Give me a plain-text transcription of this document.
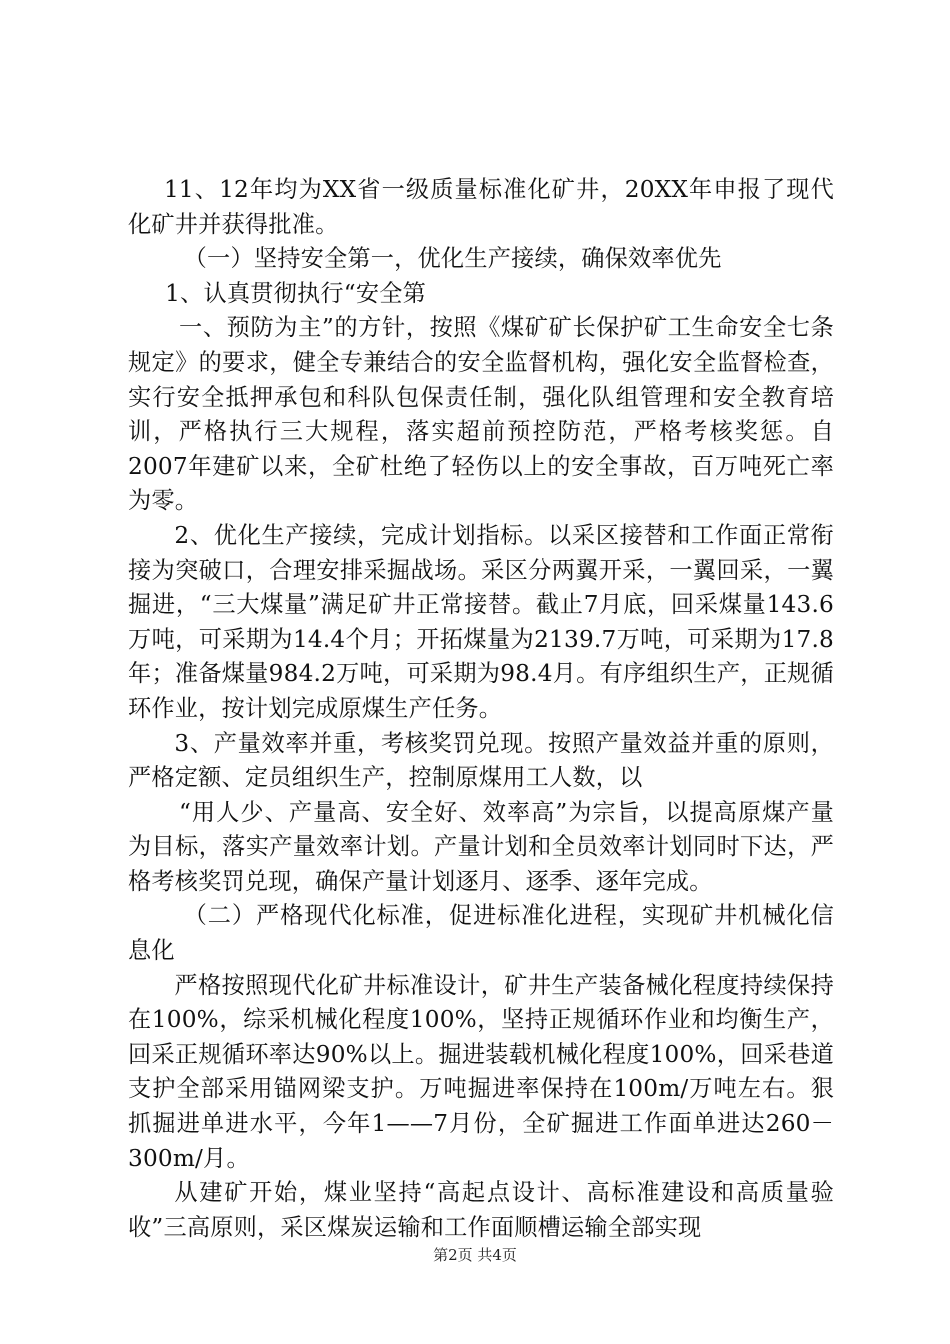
11、12年均为XX省一级质量标准化矿井，20XX年申报了现代化矿井并获得批准。

（一）坚持安全第一，优化生产接续，确保效率优先

1、认真贯彻执行“安全第

一、预防为主”的方针，按照《煤矿矿长保护矿工生命安全七条规定》的要求，健全专兼结合的安全监督机构，强化安全监督检查，实行安全抵押承包和科队包保责任制，强化队组管理和安全教育培训，严格执行三大规程，落实超前预控防范，严格考核奖惩。自2007年建矿以来，全矿杜绝了轻伤以上的安全事故，百万吨死亡率为零。

2、优化生产接续，完成计划指标。以采区接替和工作面正常衔接为突破口，合理安排采掘战场。采区分两翼开采，一翼回采，一翼掘进，“三大煤量”满足矿井正常接替。截止7月底，回采煤量143.6万吨，可采期为14.4个月；开拓煤量为2139.7万吨，可采期为17.8年；准备煤量984.2万吨，可采期为98.4月。有序组织生产，正规循环作业，按计划完成原煤生产任务。

3、产量效率并重，考核奖罚兑现。按照产量效益并重的原则，严格定额、定员组织生产，控制原煤用工人数，以

“用人少、产量高、安全好、效率高”为宗旨，以提高原煤产量为目标，落实产量效率计划。产量计划和全员效率计划同时下达，严格考核奖罚兑现，确保产量计划逐月、逐季、逐年完成。

（二）严格现代化标准，促进标准化进程，实现矿井机械化信息化

严格按照现代化矿井标准设计，矿井生产装备械化程度持续保持在100%，综采机械化程度100%，坚持正规循环作业和均衡生产，回采正规循环率达90%以上。掘进装载机械化程度100%，回采巷道支护全部采用锚网梁支护。万吨掘进率保持在100m/万吨左右。狠抓掘进单进水平，今年1——7月份，全矿掘进工作面单进达260－300m/月。

从建矿开始，煤业坚持“高起点设计、高标准建设和高质量验收”三高原则，采区煤炭运输和工作面顺槽运输全部实现

第2页 共4页
